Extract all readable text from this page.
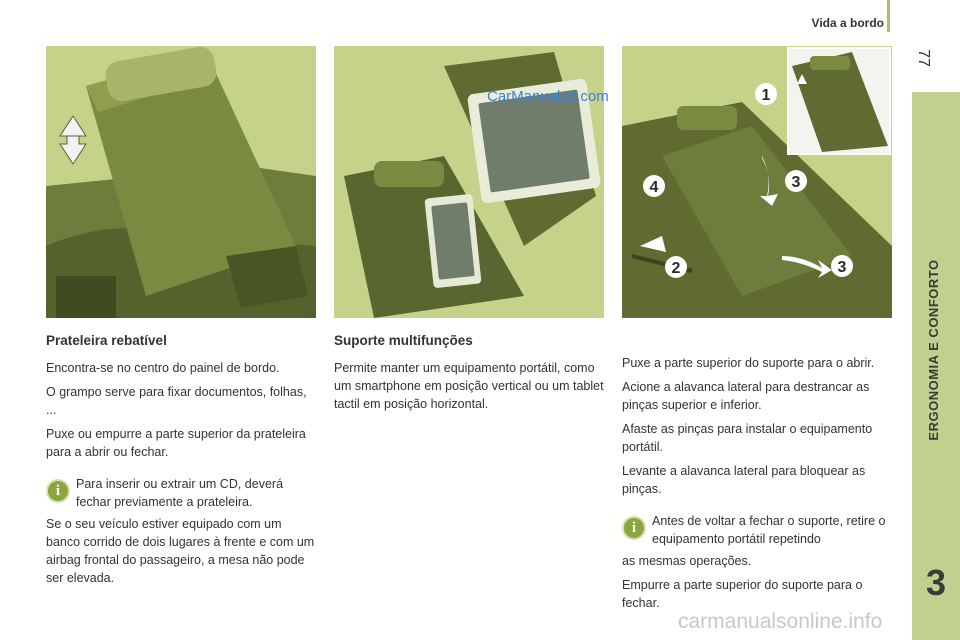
Vida a bordo
77
ERGONOMIA E CONFORTO
3
CarManuals2.com	1
2
3
3
4
Prateleira rebatível

Encontra-se no centro do painel de bordo.

O grampo serve para fixar documentos, folhas, ...

Puxe ou empurre a parte superior da prateleira para a abrir ou fechar.

i	Para inserir ou extrair um CD, deverá fechar previamente a prateleira.

Se o seu veículo estiver equipado com um banco corrido de dois lugares à frente e com um airbag frontal do passageiro, a mesa não pode ser elevada.

Suporte multifunções

Permite manter um equipamento portátil, como um smartphone em posição vertical ou um tablet tactil em posição horizontal.

Puxe a parte superior do suporte para o abrir.

Acione a alavanca lateral para destrancar as pinças superior e inferior.

Afaste as pinças para instalar o equipamento portátil.

Levante a alavanca lateral para bloquear as pinças.

i	Antes de voltar a fechar o suporte, retire o equipamento portátil repetindo

as mesmas operações.

Empurre a parte superior do suporte para o fechar.

carmanualsonline.info
